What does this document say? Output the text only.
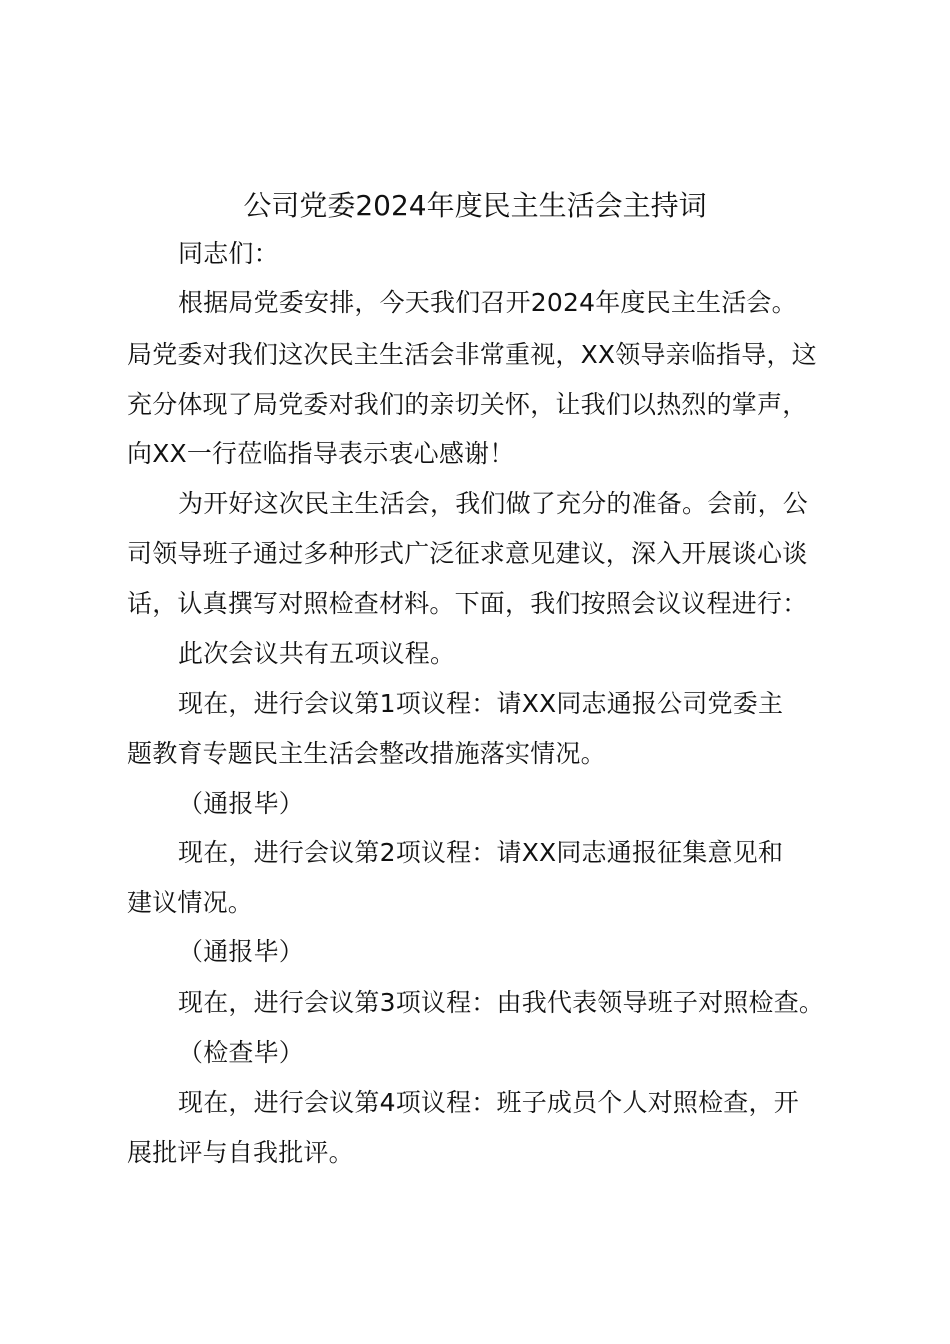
公司党委2024年度民主生活会主持词
同志们：
根据局党委安排，今天我们召开2024年度民主生活会。
局党委对我们这次民主生活会非常重视，XX领导亲临指导，这
充分体现了局党委对我们的亲切关怀，让我们以热烈的掌声，
向XX一行莅临指导表示衷心感谢！
为开好这次民主生活会，我们做了充分的准备。会前，公
司领导班子通过多种形式广泛征求意见建议，深入开展谈心谈
话，认真撰写对照检查材料。下面，我们按照会议议程进行：
此次会议共有五项议程。
现在，进行会议第1项议程：请XX同志通报公司党委主
题教育专题民主生活会整改措施落实情况。
（通报毕）
现在，进行会议第2项议程：请XX同志通报征集意见和
建议情况。
（通报毕）
现在，进行会议第3项议程：由我代表领导班子对照检查。
（检查毕）
现在，进行会议第4项议程：班子成员个人对照检查，开
展批评与自我批评。
